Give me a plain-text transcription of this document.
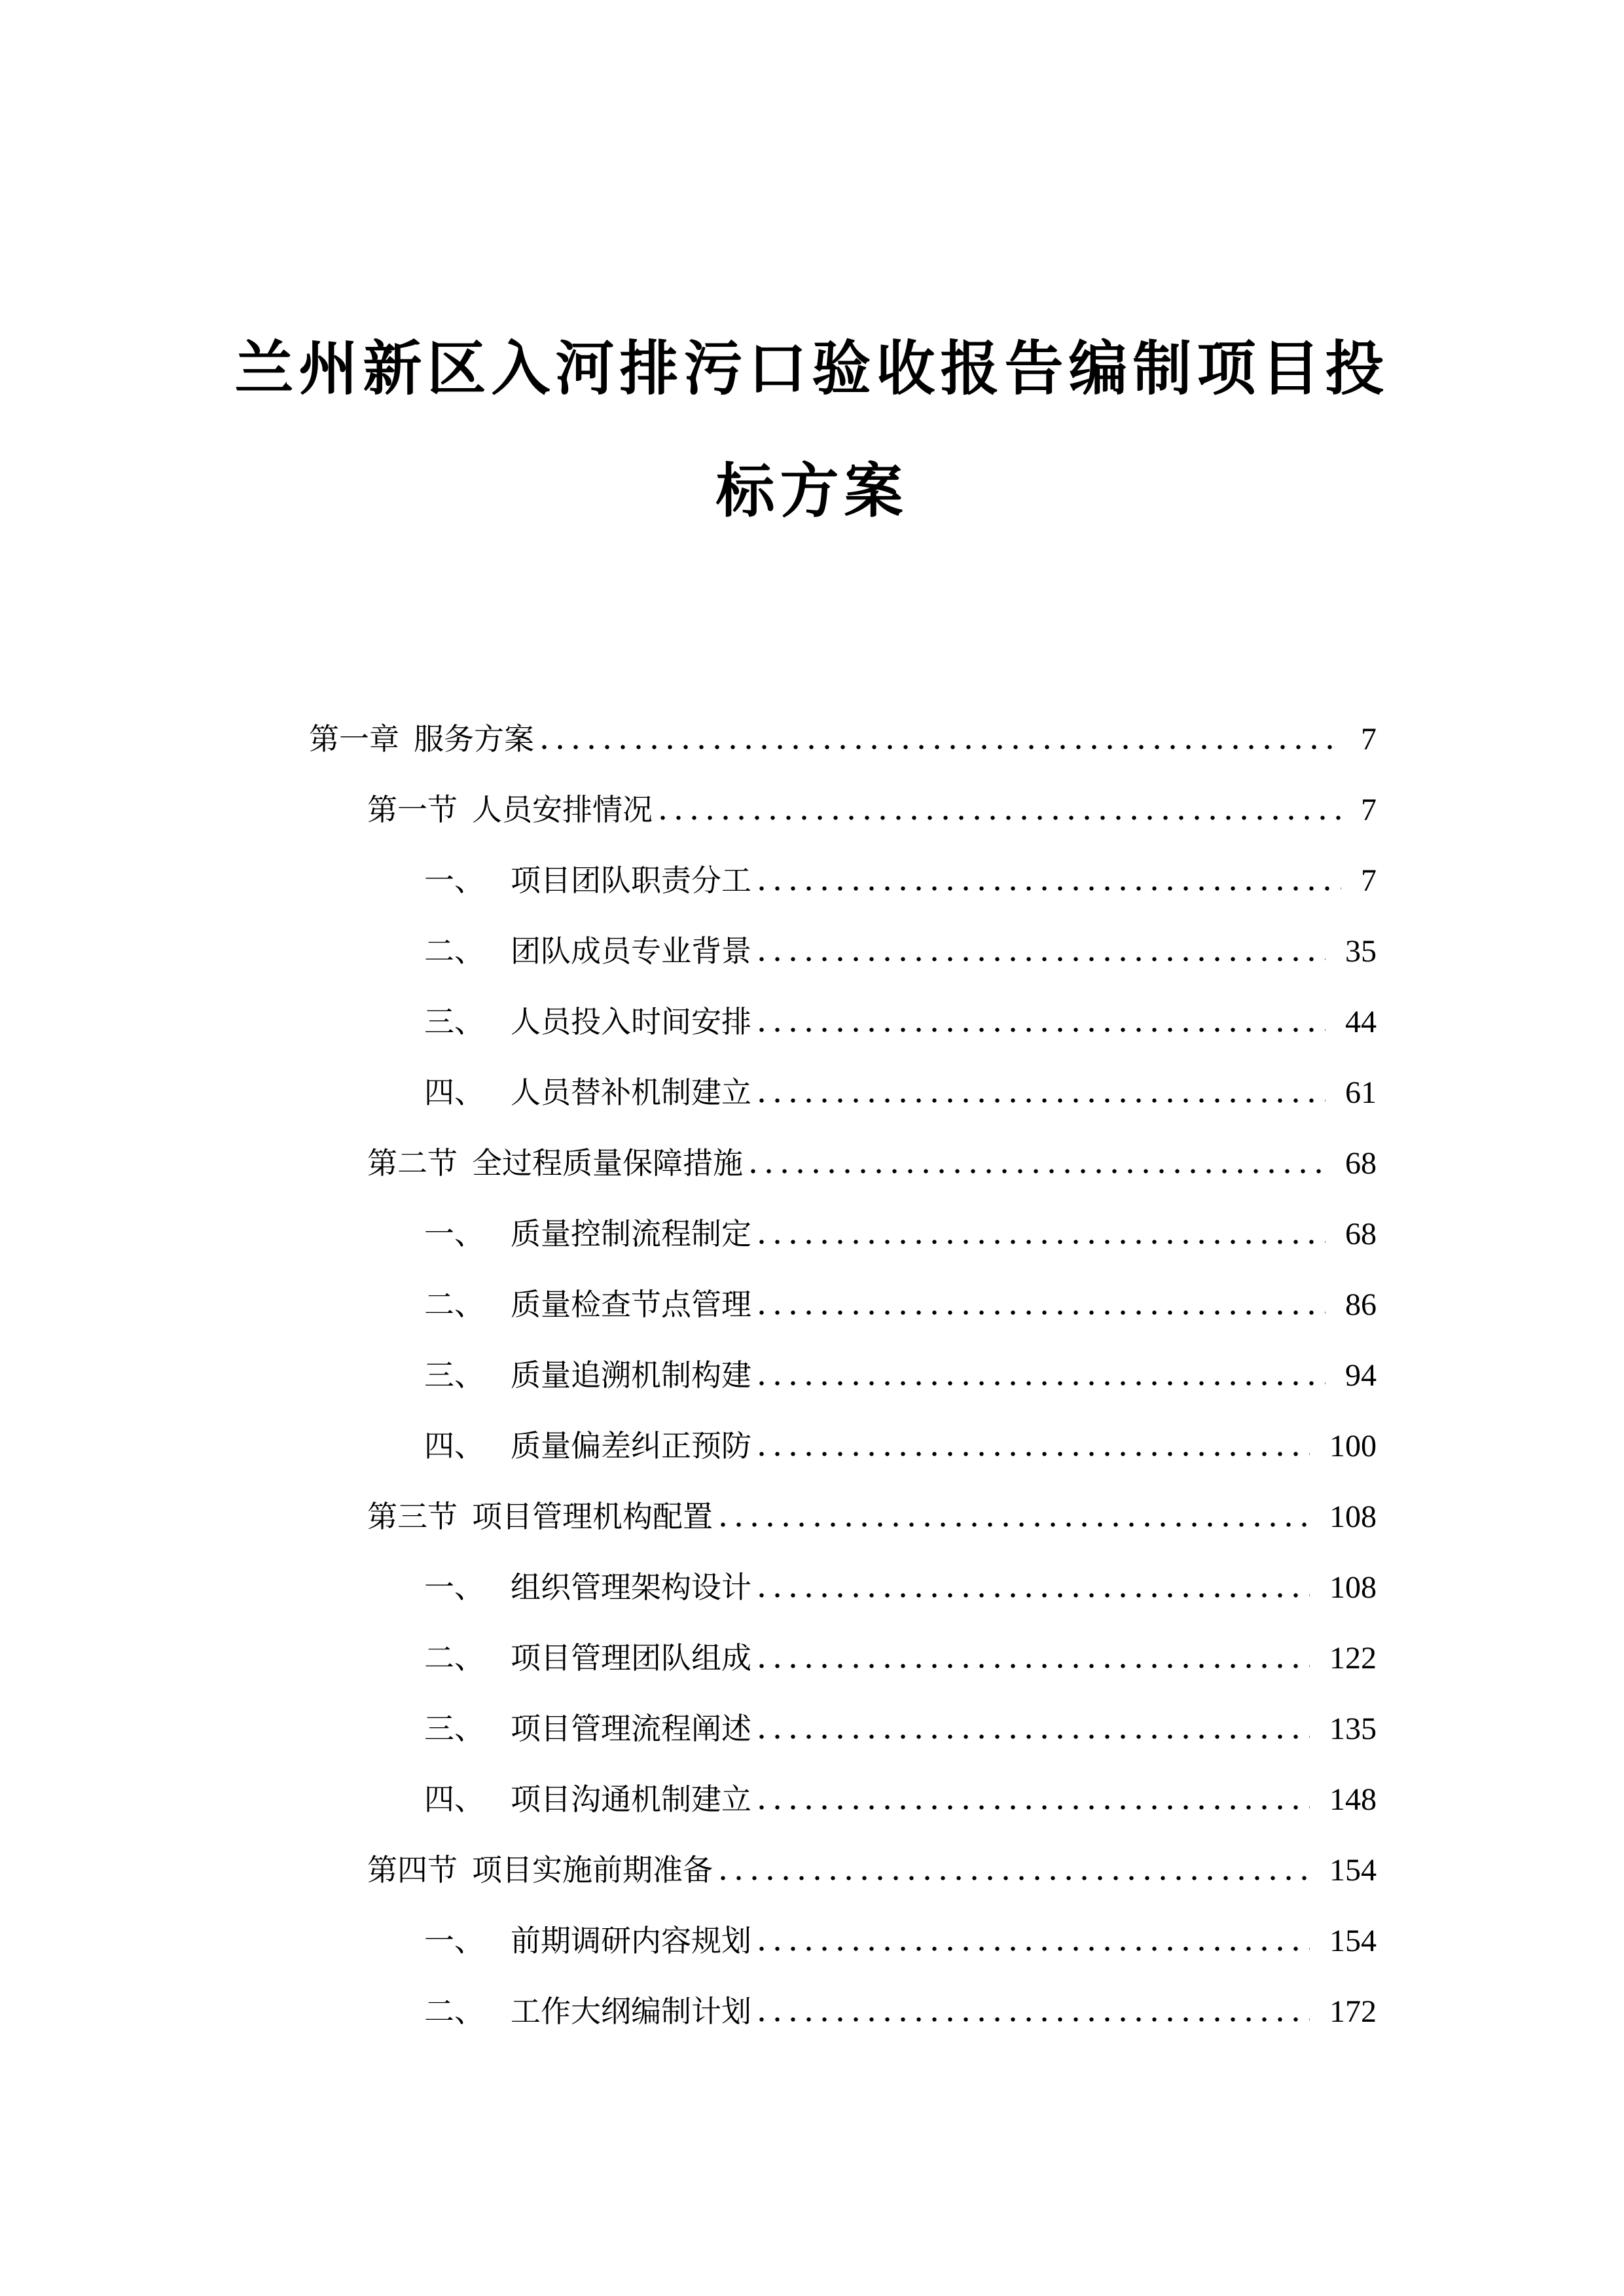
兰州新区入河排污口验收报告编制项目投
标方案
第一章 服务方案	7
第一节 人员安排情况	7
一、 项目团队职责分工	7
二、 团队成员专业背景	35
三、 人员投入时间安排	44
四、 人员替补机制建立	61
第二节 全过程质量保障措施	68
一、 质量控制流程制定	68
二、 质量检查节点管理	86
三、 质量追溯机制构建	94
四、 质量偏差纠正预防	100
第三节 项目管理机构配置	108
一、 组织管理架构设计	108
二、 项目管理团队组成	122
三、 项目管理流程阐述	135
四、 项目沟通机制建立	148
第四节 项目实施前期准备	154
一、 前期调研内容规划	154
二、 工作大纲编制计划	172
